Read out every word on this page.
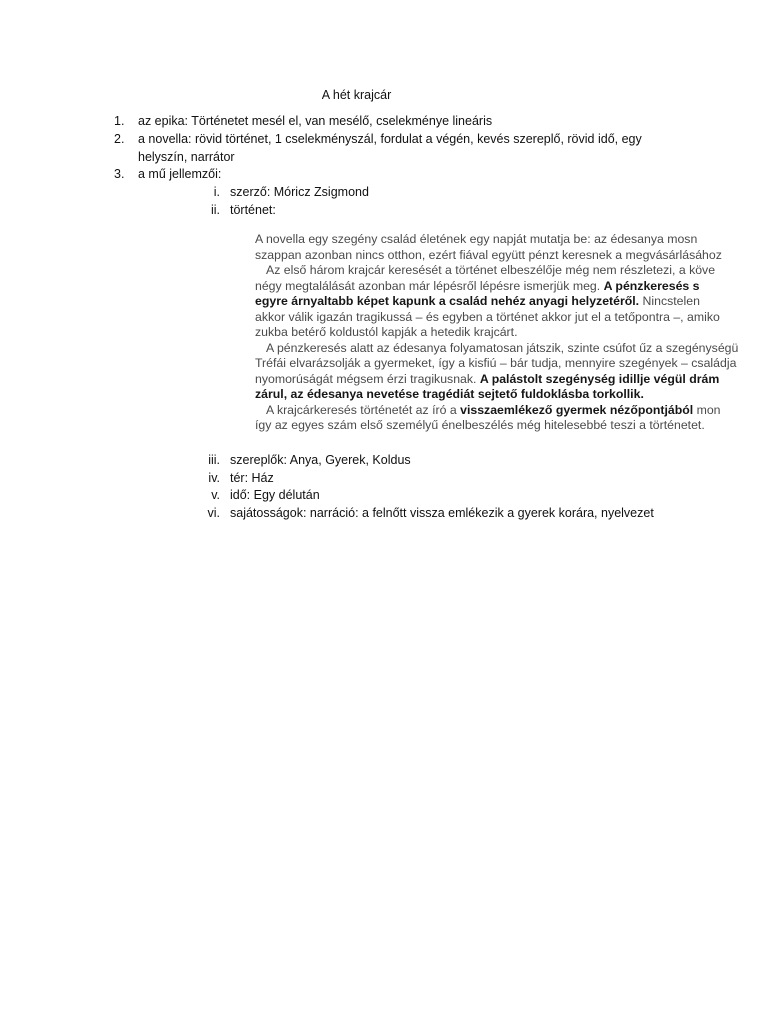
A hét krajcár
1.	az epika: Történetet mesél el, van mesélő, cselekménye lineáris
2.	a novella: rövid történet, 1 cselekményszál, fordulat a végén, kevés szereplő, rövid idő, egy
helyszín, narrátor
3.	a mű jellemzői:
i. szerző: Móricz Zsigmond
ii. történet:
A novella egy szegény család életének egy napját mutatja be: az édesanya mosn
szappan azonban nincs otthon, ezért fiával együtt pénzt keresnek a megvásárlásához
Az első három krajcár keresését a történet elbeszélője még nem részletezi, a köve
négy megtalálását azonban már lépésről lépésre ismerjük meg. A pénzkeresés s
egyre árnyaltabb képet kapunk a család nehéz anyagi helyzetéről. Nincstelen
akkor válik igazán tragikussá – és egyben a történet akkor jut el a tetőpontra –, amiko
zukba betérő koldustól kapják a hetedik krajcárt.
A pénzkeresés alatt az édesanya folyamatosan játszik, szinte csúfot űz a szegénységü
Tréfái elvarázsolják a gyermeket, így a kisfiú – bár tudja, mennyire szegények – családja
nyomorúságát mégsem érzi tragikusnak. A palástolt szegénység idillje végül drám
zárul, az édesanya nevetése tragédiát sejtető fuldoklásba torkollik.
A krajcárkeresés történetét az író a visszaemlékező gyermek nézőpontjából mon
így az egyes szám első személyű énelbeszélés még hitelesebbé teszi a történetet.
iii. szereplők: Anya, Gyerek, Koldus
iv. tér: Ház
v. idő: Egy délután
vi. sajátosságok: narráció: a felnőtt vissza emlékezik a gyerek korára, nyelvezet
